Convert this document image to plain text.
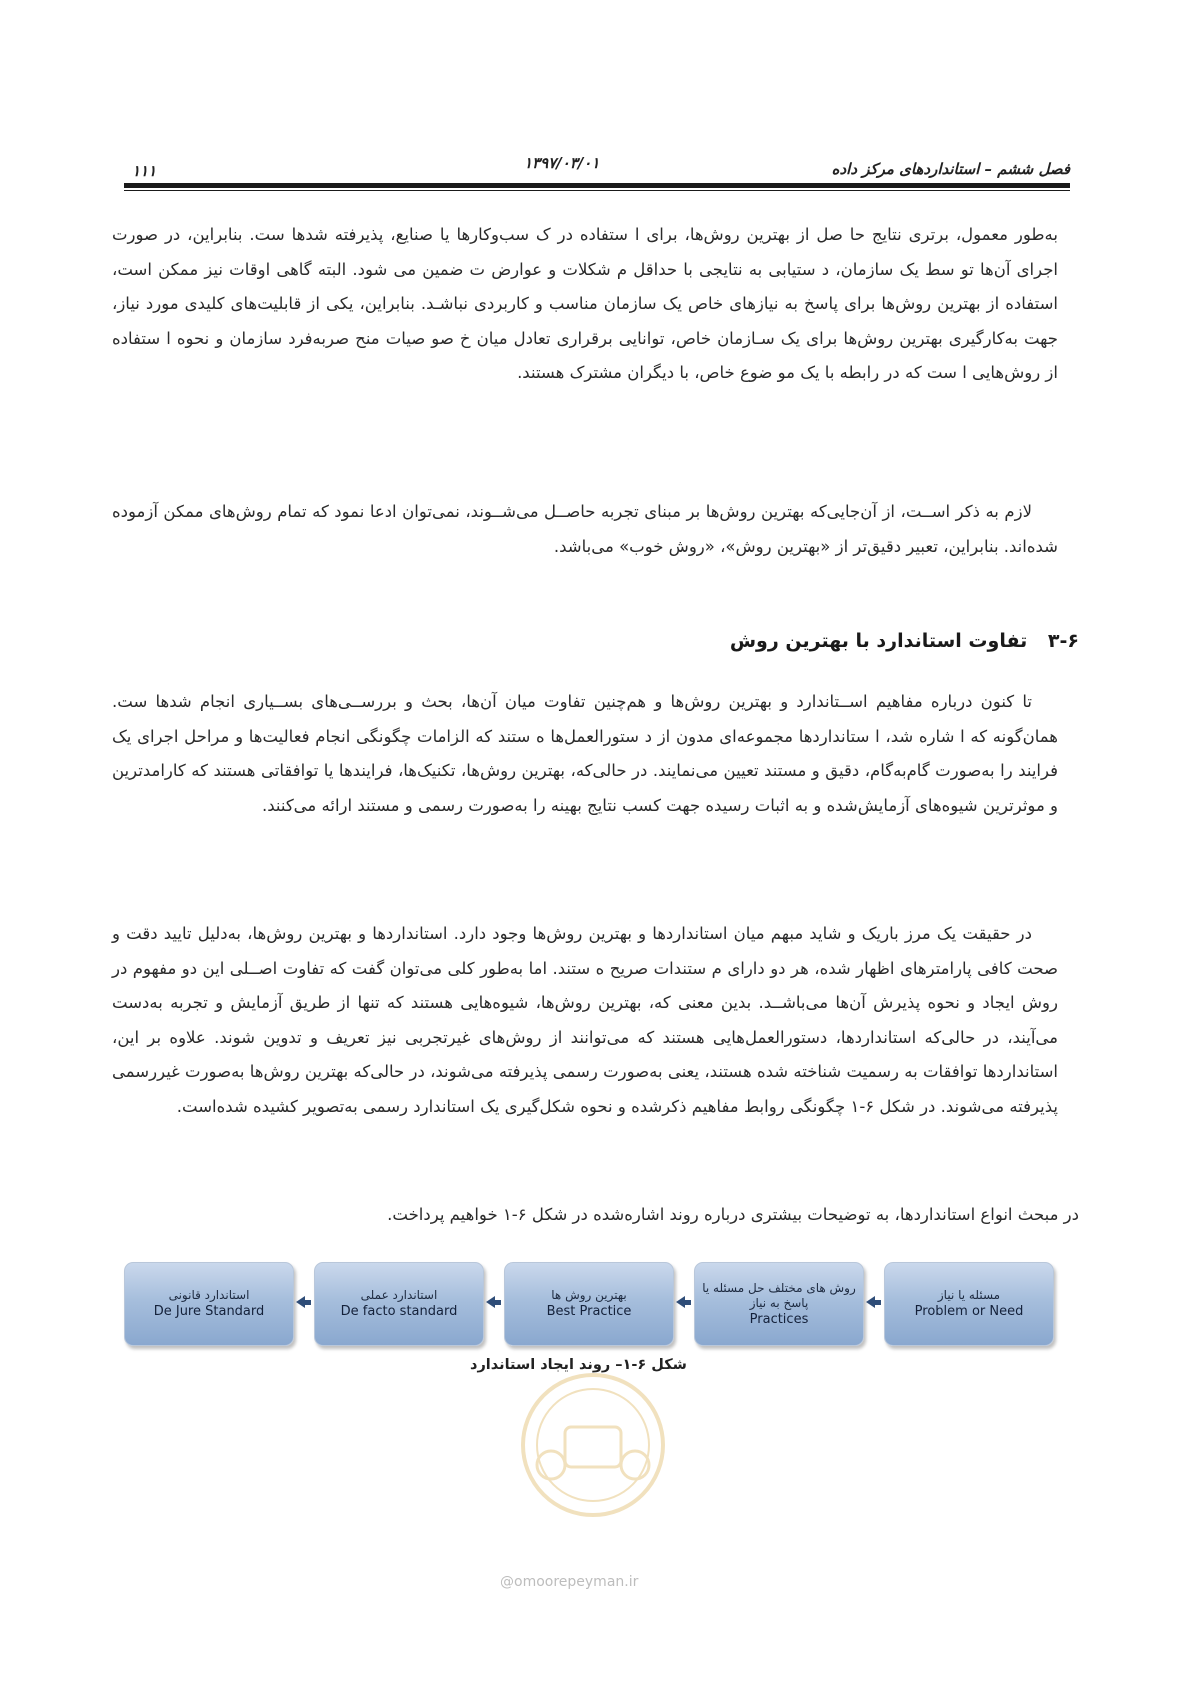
فصل ششم – استانداردهای مرکز داده
۱۳۹۷/۰۳/۰۱
۱۱۱
به‌طور معمول، برتری نتایج حا صل از بهترین روش‌ها، برای ا ستفاده در ک سب‌وکارها یا صنایع، پذیرفته شدها ست. بنابراین، در صورت اجرای آن‌ها تو سط یک سازمان، د ستیابی به نتایجی با حداقل م شکلات و عوارض ت ضمین می شود. البته گاهی اوقات نیز ممکن است، استفاده از بهترین روش‌ها برای پاسخ به نیازهای خاص یک سازمان مناسب و کاربردی نباشـد. بنابراین، یکی از قابلیت‌های کلیدی مورد نیاز، جهت به‌کارگیری بهترین روش‌ها برای یک سـازمان خاص، توانایی برقراری تعادل میان خ صو صیات منح صربه‌فرد سازمان و نحوه ا ستفاده از روش‌هایی ا ست که در رابطه با یک مو ضوع خاص، با دیگران مشترک هستند.
لازم به ذکر اســت، از آن‌جایی‌که بهترین روش‌ها بر مبنای تجربه حاصــل می‌شــوند، نمی‌توان ادعا نمود که تمام روش‌های ممکن آزموده شده‌اند. بنابراین، تعبیر دقیق‌تر از «بهترین روش»، «روش خوب» می‌باشد.
۳-۶ تفاوت استاندارد با بهترین روش
تا کنون درباره مفاهیم اســتاندارد و بهترین روش‌ها و هم‌چنین تفاوت میان آن‌ها، بحث و بررســی‌های بســیاری انجام شدها ست. همان‌گونه که ا شاره شد، ا ستانداردها مجموعه‌ای مدون از د ستورالعمل‌ها ه ستند که الزامات چگونگی انجام فعالیت‌ها و مراحل اجرای یک فرایند را به‌صورت گام‌به‌گام، دقیق و مستند تعیین می‌نمایند. در حالی‌که، بهترین روش‌ها، تکنیک‌ها، فرایندها یا توافقاتی هستند که کارامدترین و موثرترین شیوه‌های آزمایش‌شده و به اثبات رسیده جهت کسب نتایج بهینه را به‌صورت رسمی و مستند ارائه می‌کنند.
در حقیقت یک مرز باریک و شاید مبهم میان استانداردها و بهترین روش‌ها وجود دارد. استانداردها و بهترین روش‌ها، به‌دلیل تایید دقت و صحت کافی پارامترهای اظهار شده، هر دو دارای م ستندات صریح ه ستند. اما به‌طور کلی می‌توان گفت که تفاوت اصــلی این دو مفهوم در روش ایجاد و نحوه پذیرش آن‌ها می‌باشــد. بدین معنی که، بهترین روش‌ها، شیوه‌هایی هستند که تنها از طریق آزمایش و تجربه به‌دست می‌آیند، در حالی‌که استانداردها، دستورالعمل‌هایی هستند که می‌توانند از روش‌های غیرتجربی نیز تعریف و تدوین شوند. علاوه بر این، استانداردها توافقات به رسمیت شناخته شده هستند، یعنی به‌صورت رسمی پذیرفته می‌شوند، در حالی‌که بهترین روش‌ها به‌صورت غیررسمی پذیرفته می‌شوند. در شکل ۶-۱ چگونگی روابط مفاهیم ذکرشده و نحوه شکل‌گیری یک استاندارد رسمی به‌تصویر کشیده شده‌است.
استاندارد قانونی
De Jure Standard
استاندارد عملی
De facto standard
بهترین روش ها
Best Practice
روش های مختلف حل مسئله یا پاسخ به نیاز
Practices
مسئله یا نیاز
Problem or Need
شکل ۶-۱– روند ایجاد استاندارد
در مبحث انواع استانداردها، به توضیحات بیشتری درباره روند اشاره‌شده در شکل ۶-۱ خواهیم پرداخت.
@omoorepeyman.ir
